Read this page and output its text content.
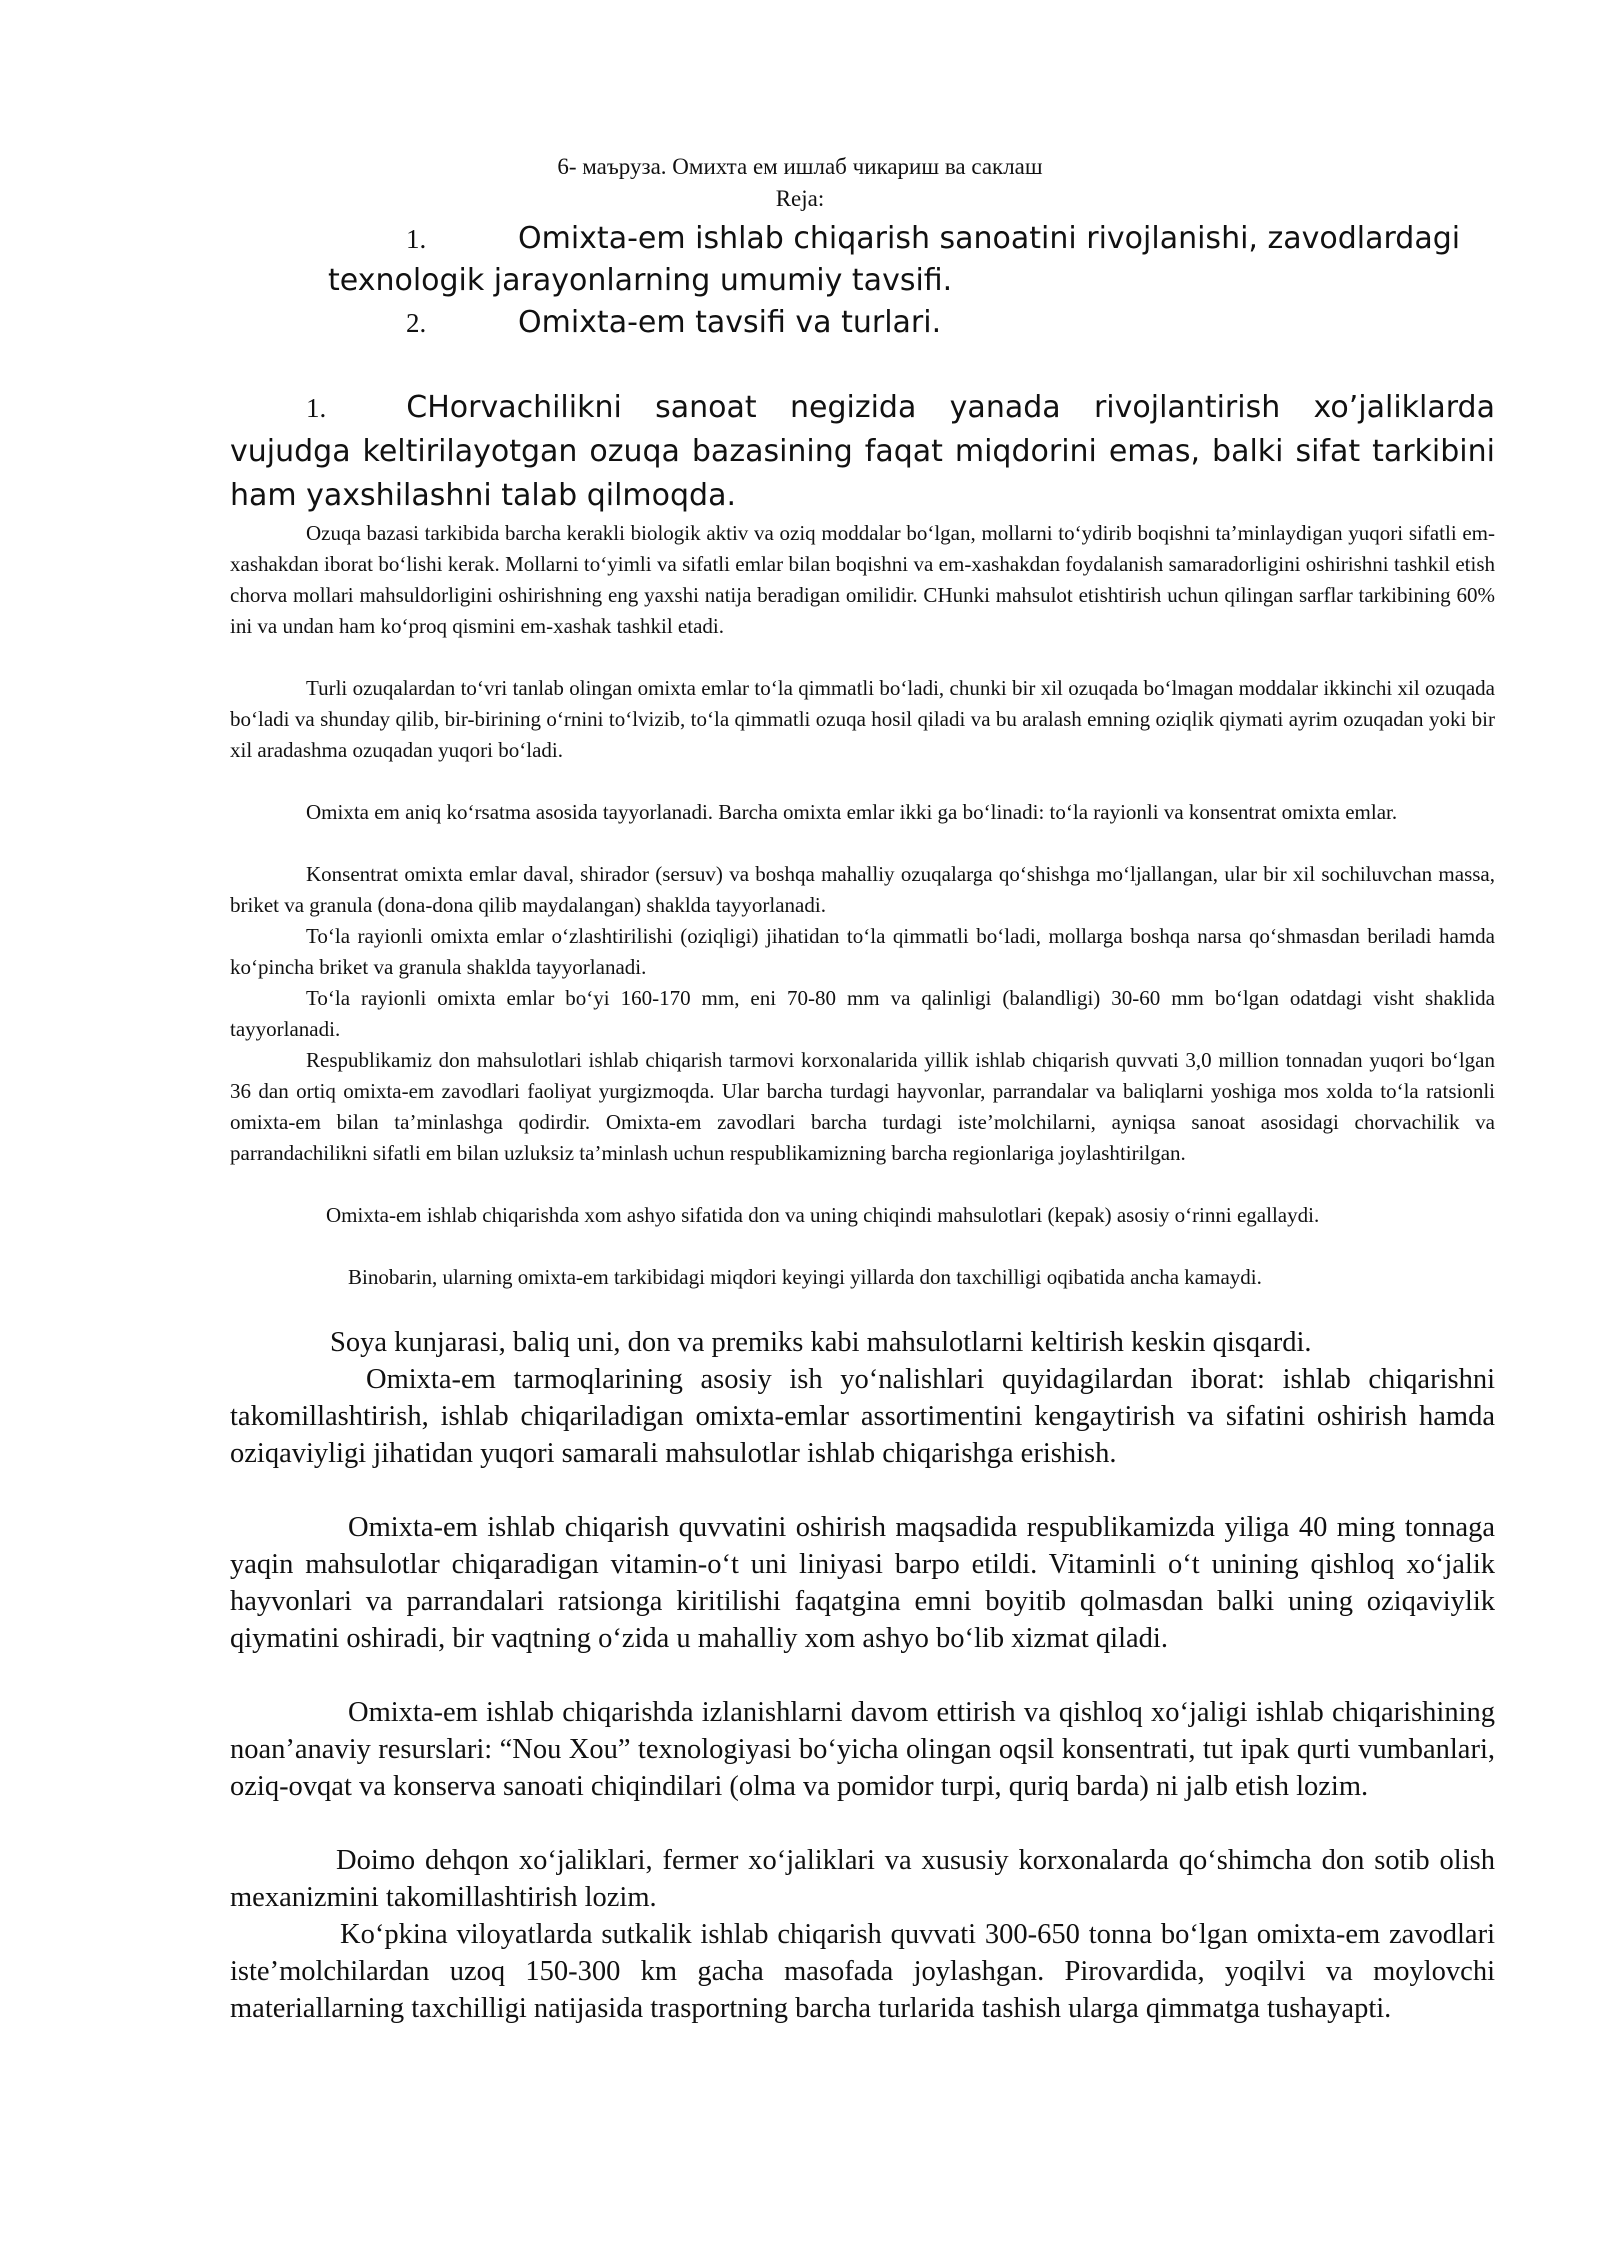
6- маъруза. Омихта ем ишлаб чикариш ва саклаш
Reja:
1.	Omixta-em ishlab chiqarish sanoatini rivojlanishi, zavodlardagi texnologik jarayonlarning umumiy tavsifi.
2.	Omixta-em tavsifi va turlari.

1.	CHorvachilikni sanoat negizida yanada rivojlantirish xo’jaliklarda vujudga keltirilayotgan ozuqa bazasining faqat miqdorini emas, balki sifat tarkibini ham yaxshilashni talab qilmoqda.

Ozuqa bazasi tarkibida barcha kerakli biologik aktiv va oziq moddalar bo‘lgan, mollarni to‘ydirib boqishni ta’minlaydigan yuqori sifatli em-xashakdan iborat bo‘lishi kerak. Mollarni to‘yimli va sifatli emlar bilan boqishni va em-xashakdan foydalanish samaradorligini oshirishni tashkil etish chorva mollari mahsuldorligini oshirishning eng yaxshi natija beradigan omilidir. CHunki mahsulot etishtirish uchun qilingan sarflar tarkibining 60% ini va undan ham ko‘proq qismini em-xashak tashkil etadi.

Turli ozuqalardan to‘vri tanlab olingan omixta emlar to‘la qimmatli bo‘ladi, chunki bir xil ozuqada bo‘lmagan moddalar ikkinchi xil ozuqada bo‘ladi va shunday qilib, bir-birining o‘rnini to‘lvizib, to‘la qimmatli ozuqa hosil qiladi va bu aralash emning oziqlik qiymati ayrim ozuqadan yoki bir xil aradashma ozuqadan yuqori bo‘ladi.

Omixta em aniq ko‘rsatma asosida tayyorlanadi. Barcha omixta emlar ikki ga bo‘linadi: to‘la rayionli va konsentrat omixta emlar.

Konsentrat omixta emlar daval, shirador (sersuv) va boshqa mahalliy ozuqalarga qo‘shishga mo‘ljallangan, ular bir xil sochiluvchan massa, briket va granula (dona-dona qilib maydalangan) shaklda tayyorlanadi.

To‘la rayionli omixta emlar o‘zlashtirilishi (oziqligi) jihatidan to‘la qimmatli bo‘ladi, mollarga boshqa narsa qo‘shmasdan beriladi hamda ko‘pincha briket va granula shaklda tayyorlanadi.

To‘la rayionli omixta emlar bo‘yi 160-170 mm, eni 70-80 mm va qalinligi (balandligi) 30-60 mm bo‘lgan odatdagi visht shaklida tayyorlanadi.

Respublikamiz don mahsulotlari ishlab chiqarish tarmovi korxonalarida yillik ishlab chiqarish quvvati 3,0 million tonnadan yuqori bo‘lgan 36 dan ortiq omixta-em zavodlari faoliyat yurgizmoqda. Ular barcha turdagi hayvonlar, parrandalar va baliqlarni yoshiga mos xolda to‘la ratsionli omixta-em bilan ta’minlashga qodirdir. Omixta-em zavodlari barcha turdagi iste’molchilarni, ayniqsa sanoat asosidagi chorvachilik va parrandachilikni sifatli em bilan uzluksiz ta’minlash uchun respublikamizning barcha regionlariga joylashtirilgan.

Omixta-em ishlab chiqarishda xom ashyo sifatida don va uning chiqindi mahsulotlari (kepak) asosiy o‘rinni egallaydi.

Binobarin, ularning omixta-em tarkibidagi miqdori keyingi yillarda don taxchilligi oqibatida ancha kamaydi.

Soya kunjarasi, baliq uni, don va premiks kabi mahsulotlarni keltirish keskin qisqardi.

Omixta-em tarmoqlarining asosiy ish yo‘nalishlari quyidagilardan iborat: ishlab chiqarishni takomillashtirish, ishlab chiqariladigan omixta-emlar assortimentini kengaytirish va sifatini oshirish hamda oziqaviyligi jihatidan yuqori samarali mahsulotlar ishlab chiqarishga erishish.

Omixta-em ishlab chiqarish quvvatini oshirish maqsadida respublikamizda yiliga 40 ming tonnaga yaqin mahsulotlar chiqaradigan vitamin-o‘t uni liniyasi barpo etildi. Vitaminli o‘t unining qishloq xo‘jalik hayvonlari va parrandalari ratsionga kiritilishi faqatgina emni boyitib qolmasdan balki uning oziqaviylik qiymatini oshiradi, bir vaqtning o‘zida u mahalliy xom ashyo bo‘lib xizmat qiladi.

Omixta-em ishlab chiqarishda izlanishlarni davom ettirish va qishloq xo‘jaligi ishlab chiqarishining noan’anaviy resurslari: “Nou Xou” texnologiyasi bo‘yicha olingan oqsil konsentrati, tut ipak qurti vumbanlari, oziq-ovqat va konserva sanoati chiqindilari (olma va pomidor turpi, quriq barda) ni jalb etish lozim.

Doimo dehqon xo‘jaliklari, fermer xo‘jaliklari va xususiy korxonalarda qo‘shimcha don sotib olish mexanizmini takomillashtirish lozim.

Ko‘pkina viloyatlarda sutkalik ishlab chiqarish quvvati 300-650 tonna bo‘lgan omixta-em zavodlari iste’molchilardan uzoq 150-300 km gacha masofada joylashgan. Pirovardida, yoqilvi va moylovchi materiallarning taxchilligi natijasida trasportning barcha turlarida tashish ularga qimmatga tushayapti.
